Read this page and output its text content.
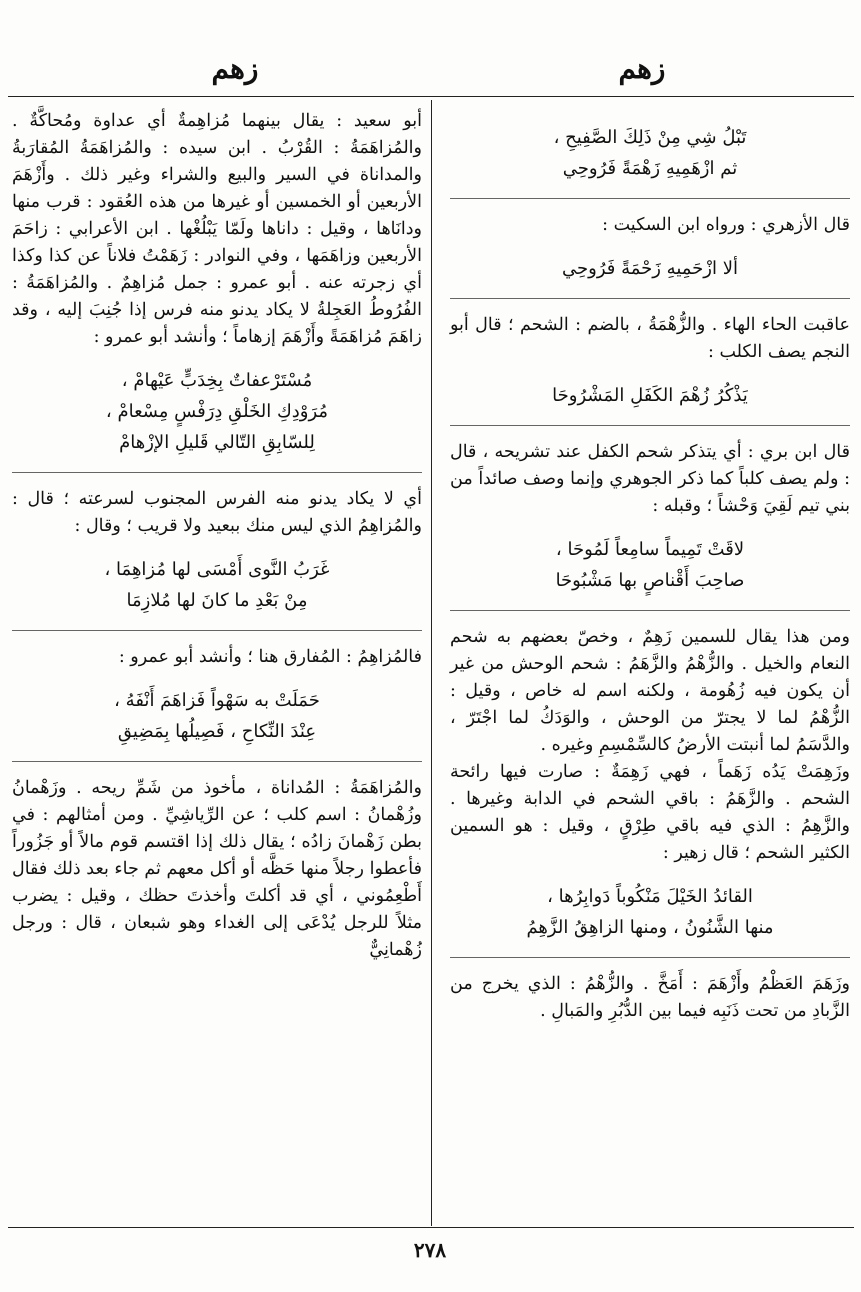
زهم
زهم
تَبْلُ شِي مِنْ ذَلِكَ الصَّفِيحِ ،
ثم ازْهَمِيهِ زَهْمَةً فَرُوحِي

قال الأزهري : ورواه ابن السكيت :

ألا ازْحَمِيهِ زَحْمَةً فَرُوحِي

عاقبت الحاء الهاء . والزُّهْمَةُ ، بالضم : الشحم ؛ قال أبو النجم يصف الكلب :

يَذْكُرُ زُهْمَ الكَفَلِ المَشْرُوحَا

قال ابن بري : أي يتذكر شحم الكفل عند تشريحه ، قال : ولم يصف كلباً كما ذكر الجوهري وإنما وصف صائداً من بني تيم لَقِيَ وَحْشاً ؛ وقبله :

لاقَتْ تَمِيماً سامِعاً لَمُوحَا ،
صاحِبَ أَقْناصٍ بها مَشْبُوحَا

ومن هذا يقال للسمين زَهِمٌ ، وخصّ بعضهم به شحم النعام والخيل . والزُّهْمُ والزَّهَمُ : شحم الوحش من غير أن يكون فيه زُهُومة ، ولكنه اسم له خاص ، وقيل : الزُّهْمُ لما لا يجترّ من الوحش ، والوَدَكُ لما اجْتَرّ ، والدَّسَمُ لما أنبتت الأرضُ كالسِّمْسِمِ وغيره .

وزَهِمَتْ يَدُه زَهَماً ، فهي زَهِمَةٌ : صارت فيها رائحة الشحم . والزَّهَمُ : باقي الشحم في الدابة وغيرها . والزَّهِمُ : الذي فيه باقي طِرْقٍ ، وقيل : هو السمين الكثير الشحم ؛ قال زهير :

القائدُ الخَيْلَ مَنْكُوباً دَوابِرُها ،
منها الشَّنُونُ ، ومنها الزاهِقُ الزَّهِمُ

وزَهَمَ العَظْمُ وأَزْهَمَ : أَمَخَّ . والزُّهْمُ : الذي يخرج من الزَّبادِ من تحت ذَنَبِه فيما بين الدُّبُرِ والمَبالِ .

أبو سعيد : يقال بينهما مُزاهِمةٌ أي عداوة ومُحاكَّةٌ . والمُزاهَمَةُ : القُرْبُ . ابن سيده : والمُزاهَمَةُ المُقارَبةُ والمداناة في السير والبيع والشراء وغير ذلك . وأَزْهَمَ الأربعين أو الخمسين أو غيرها من هذه العُقود : قرب منها ودانَاها ، وقيل : داناها ولَمّا يَبْلُغْها . ابن الأعرابي : زاحَمَ الأربعين وزاهَمَها ، وفي النوادر : زَهَمْتُ فلاناً عن كذا وكذا أي زجرته عنه . أبو عمرو : جمل مُزاهِمٌ . والمُزاهَمَةُ : الفُرُوطُ العَجِلةُ لا يكاد يدنو منه فرس إذا جُنِبَ إليه ، وقد زاهَمَ مُزاهَمَةً وأَزْهَمَ إزهاماً ؛ وأنشد أبو عمرو :

مُسْتَرْعفاتٌ بِخِدَبٍّ عَيْهامْ ،
مُرَوْدِكِ الخَلْقِ دِرَفْسٍ مِسْعامْ ،
لِلسّابِقِ التّالي قَليلِ الإزْهامْ

أي لا يكاد يدنو منه الفرس المجنوب لسرعته ؛ قال : والمُزاهِمُ الذي ليس منك ببعيد ولا قريب ؛ وقال :

غَرَبُ النَّوى أَمْسَى لها مُزاهِمَا ،
مِنْ بَعْدِ ما كانَ لها مُلازِمَا

فالمُزاهِمُ : المُفارق هنا ؛ وأنشد أبو عمرو :

حَمَلَتْ به سَهْواً فَزاهَمَ أَنْفَهُ ،
عِنْدَ النِّكاحِ ، فَصِيلُها بِمَضِيقِ

والمُزاهَمَةُ : المُداناة ، مأخوذ من شَمِّ ريحه . وزَهْمانُ وزُهْمانُ : اسم كلب ؛ عن الرِّياشِيِّ . ومن أمثالهم : في بطن زَهْمانَ زادُه ؛ يقال ذلك إذا اقتسم قوم مالاً أو جَزُوراً فأعطوا رجلاً منها حَظَّه أو أكل معهم ثم جاء بعد ذلك فقال أَطْعِمُوني ، أي قد أكلتَ وأخذتَ حظك ، وقيل : يضرب مثلاً للرجل يُدْعَى إلى الغداء وهو شبعان ، قال : ورجل زُهْمانِيٌّ

٢٧٨
